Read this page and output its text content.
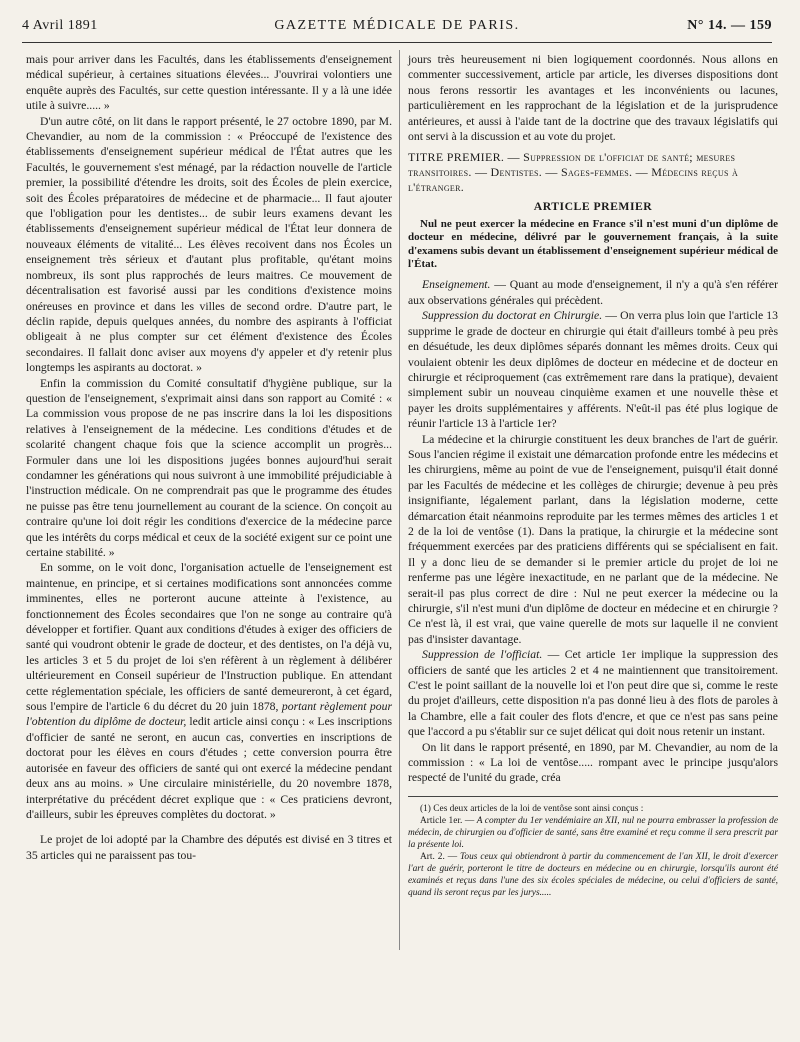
4 Avril 1891	GAZETTE MÉDICALE DE PARIS.	N° 14. — 159

mais pour arriver dans les Facultés, dans les établissements d'enseignement médical supérieur, à certaines situations élevées... J'ouvrirai volontiers une enquête auprès des Facultés, sur cette question intéressante. Il y a là une idée utile à suivre..... »

D'un autre côté, on lit dans le rapport présenté, le 27 octobre 1890, par M. Chevandier, au nom de la commission : « Préoccupé de l'existence des établissements d'enseignement supérieur médical de l'État autres que les Facultés, le gouvernement s'est ménagé, par la rédaction nouvelle de l'article premier, la possibilité d'étendre les droits, soit des Écoles de plein exercice, soit des Écoles préparatoires de médecine et de pharmacie... Il faut ajouter que l'obligation pour les dentistes... de subir leurs examens devant les établissements d'enseignement supérieur médical de l'État leur donnera de nouveaux éléments de vitalité... Les élèves recoivent dans nos Écoles un enseignement très sérieux et d'autant plus profitable, qu'étant moins nombreux, ils sont plus rapprochés de leurs maitres. Ce mouvement de décentralisation est favorisé aussi par les conditions d'existence moins onéreuses en province et dans les villes de second ordre. D'autre part, le déclin rapide, depuis quelques années, du nombre des aspirants à l'officiat obligeait à ne plus compter sur cet élément d'existence des Écoles secondaires. Il fallait donc aviser aux moyens d'y appeler et d'y retenir plus longtemps les aspirants au doctorat. »

Enfin la commission du Comité consultatif d'hygiène publique, sur la question de l'enseignement, s'exprimait ainsi dans son rapport au Comité : « La commission vous propose de ne pas inscrire dans la loi les dispositions relatives à l'enseignement de la médecine. Les conditions d'études et de scolarité changent chaque fois que la science accomplit un progrès... Formuler dans une loi les dispositions jugées bonnes aujourd'hui serait condamner les générations qui nous suivront à une immobilité préjudiciable à l'instruction médicale. On ne comprendrait pas que le programme des études ne puisse pas être tenu journellement au courant de la science. On conçoit au contraire qu'une loi doit régir les conditions d'exercice de la médecine parce que les intérêts du corps médical et ceux de la société exigent sur ce point une certaine stabilité. »

En somme, on le voit donc, l'organisation actuelle de l'enseignement est maintenue, en principe, et si certaines modifications sont annoncées comme imminentes, elles ne porteront aucune atteinte à l'existence, au fonctionnement des Écoles secondaires que l'on ne songe au contraire qu'à développer et fortifier. Quant aux conditions d'études à exiger des officiers de santé qui voudront obtenir le grade de docteur, et des dentistes, on l'a déjà vu, les articles 3 et 5 du projet de loi s'en réfèrent à un règlement à délibérer ultérieurement en Conseil supérieur de l'Instruction publique. En attendant cette réglementation spéciale, les officiers de santé demeureront, à cet égard, sous l'empire de l'article 6 du décret du 20 juin 1878, portant règlement pour l'obtention du diplôme de docteur, ledit article ainsi conçu : « Les inscriptions d'officier de santé ne seront, en aucun cas, converties en inscriptions de doctorat pour les élèves en cours d'études ; cette conversion pourra être autorisée en faveur des officiers de santé qui ont exercé la médecine pendant deux ans au moins. » Une circulaire ministérielle, du 20 novembre 1878, interprétative du précédent décret explique que : « Ces praticiens devront, d'ailleurs, subir les épreuves complètes du doctorat. »

Le projet de loi adopté par la Chambre des députés est divisé en 3 titres et 35 articles qui ne paraissent pas tou-

jours très heureusement ni bien logiquement coordonnés. Nous allons en commenter successivement, article par article, les diverses dispositions dont nous ferons ressortir les avantages et les inconvénients ou lacunes, particulièrement en les rapprochant de la législation et de la jurisprudence antérieures, et aussi à l'aide tant de la doctrine que des travaux législatifs qui ont servi à la discussion et au vote du projet.

TITRE PREMIER. — Suppression de l'officiat de santé; mesures transitoires. — Dentistes. — Sages-femmes. — Médecins reçus à l'étranger.
ARTICLE PREMIER

Nul ne peut exercer la médecine en France s'il n'est muni d'un diplôme de docteur en médecine, délivré par le gouvernement français, à la suite d'examens subis devant un établissement d'enseignement supérieur médical de l'État.

Enseignement. — Quant au mode d'enseignement, il n'y a qu'à s'en référer aux observations générales qui précèdent.

Suppression du doctorat en Chirurgie. — On verra plus loin que l'article 13 supprime le grade de docteur en chirurgie qui était d'ailleurs tombé à peu près en désuétude, les deux diplômes séparés donnant les mêmes droits. Ceux qui voulaient obtenir les deux diplômes de docteur en médecine et de docteur en chirurgie et réciproquement (cas extrêmement rare dans la pratique), devaient simplement subir un nouveau cinquième examen et une nouvelle thèse et payer les droits supplémentaires y afférents. N'eût-il pas été plus logique de réunir l'article 13 à l'article 1er?

La médecine et la chirurgie constituent les deux branches de l'art de guérir. Sous l'ancien régime il existait une démarcation profonde entre les médecins et les chirurgiens, même au point de vue de l'enseignement, puisqu'il était donné par les Facultés de médecine et les collèges de chirurgie; devenue à peu près insignifiante, légalement parlant, dans la législation moderne, cette démarcation était néanmoins reproduite par les termes mêmes des articles 1 et 2 de la loi de ventôse (1). Dans la pratique, la chirurgie et la médecine sont fréquemment exercées par des praticiens différents qui se spécialisent en fait. Il y a donc lieu de se demander si le premier article du projet de loi ne renferme pas une légère inexactitude, en ne parlant que de la médecine. Ne serait-il pas plus correct de dire : Nul ne peut exercer la médecine ou la chirurgie, s'il n'est muni d'un diplôme de docteur en médecine et en chirurgie ? Ce n'est là, il est vrai, que vaine querelle de mots sur laquelle il ne convient pas d'insister davantage.

Suppression de l'officiat. — Cet article 1er implique la suppression des officiers de santé que les articles 2 et 4 ne maintiennent que transitoirement. C'est le point saillant de la nouvelle loi et l'on peut dire que si, comme le reste du projet d'ailleurs, cette disposition n'a pas donné lieu à des flots de paroles à la Chambre, elle a fait couler des flots d'encre, et que ce n'est pas sans peine que l'accord a pu s'établir sur ce sujet délicat qui doit nous retenir un instant.

On lit dans le rapport présenté, en 1890, par M. Chevandier, au nom de la commission : « La loi de ventôse..... rompant avec le principe jusqu'alors respecté de l'unité du grade, créa

(1) Ces deux articles de la loi de ventôse sont ainsi conçus :

Article 1er. — A compter du 1er vendémiaire an XII, nul ne pourra embrasser la profession de médecin, de chirurgien ou d'officier de santé, sans être examiné et reçu comme il sera prescrit par la présente loi.

Art. 2. — Tous ceux qui obtiendront à partir du commencement de l'an XII, le droit d'exercer l'art de guérir, porteront le titre de docteurs en médecine ou en chirurgie, lorsqu'ils auront été examinés et reçus dans l'une des six écoles spéciales de médecine, ou celui d'officiers de santé, quand ils seront reçus par les jurys.....
